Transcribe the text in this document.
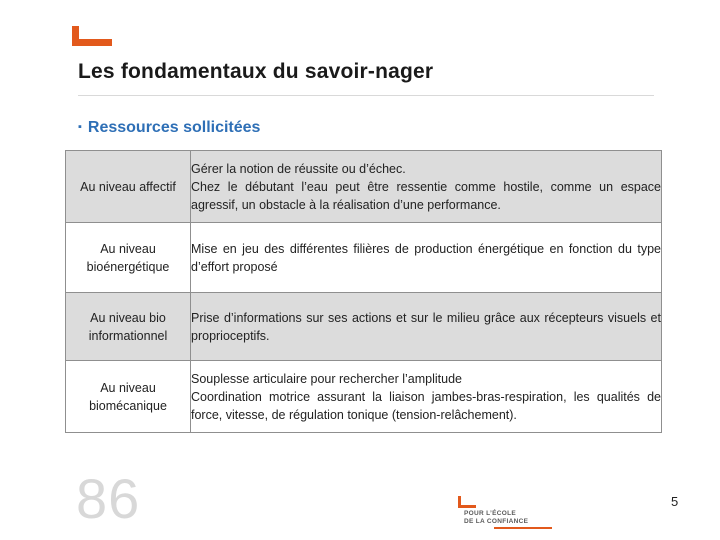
Les fondamentaux du savoir-nager
▪ Ressources sollicitées
Au niveau affectif	Gérer la notion de réussite ou d’échec.
Chez le débutant l’eau peut être ressentie comme hostile, comme un espace agressif, un obstacle à la réalisation d’une performance.

Au niveau bioénergétique	Mise en jeu des différentes filières de production énergétique en fonction du type d’effort proposé

Au niveau bio informationnel	Prise d’informations sur ses actions et sur le milieu grâce aux récepteurs visuels et proprioceptifs.

Au niveau biomécanique	Souplesse articulaire pour rechercher l’amplitude
Coordination motrice assurant la liaison jambes-bras-respiration, les qualités de force, vitesse, de régulation tonique (tension-relâchement).
86	POUR L’ÉCOLE
DE LA CONFIANCE
5
